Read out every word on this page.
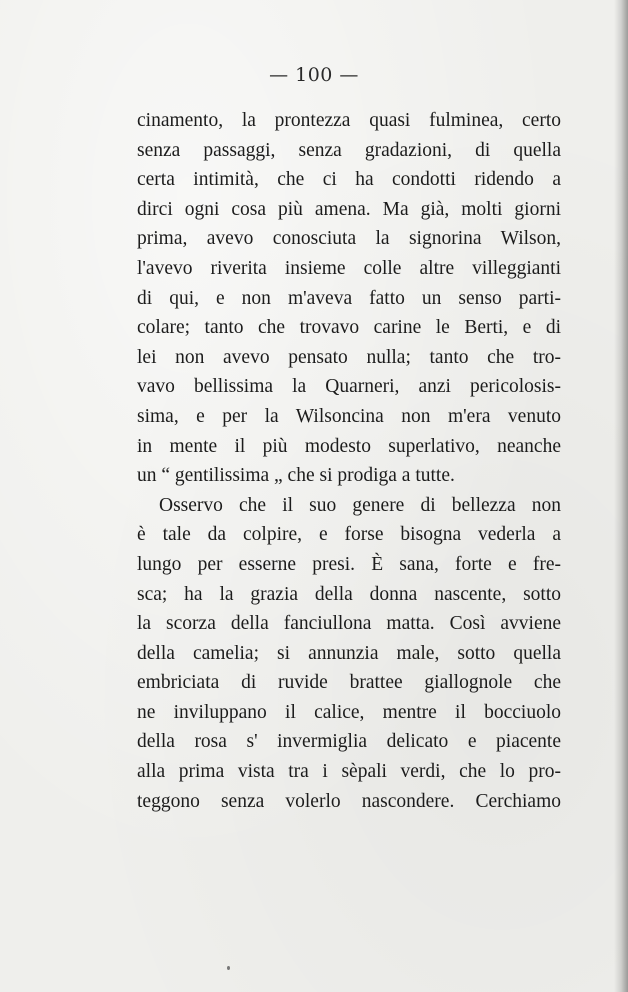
— 100 —
cinamento, la prontezza quasi fulminea, certo
senza passaggi, senza gradazioni, di quella
certa intimità, che ci ha condotti ridendo a
dirci ogni cosa più amena. Ma già, molti giorni
prima, avevo conosciuta la signorina Wilson,
l'avevo riverita insieme colle altre villeggianti
di qui, e non m'aveva fatto un senso parti-
colare; tanto che trovavo carine le Berti, e di
lei non avevo pensato nulla; tanto che tro-
vavo bellissima la Quarneri, anzi pericolosis-
sima, e per la Wilsoncina non m'era venuto
in mente il più modesto superlativo, neanche
un “ gentilissima „ che si prodiga a tutte.
Osservo che il suo genere di bellezza non
è tale da colpire, e forse bisogna vederla a
lungo per esserne presi. È sana, forte e fre-
sca; ha la grazia della donna nascente, sotto
la scorza della fanciullona matta. Così avviene
della camelia; si annunzia male, sotto quella
embriciata di ruvide brattee giallognole che
ne inviluppano il calice, mentre il bocciuolo
della rosa s' invermiglia delicato e piacente
alla prima vista tra i sèpali verdi, che lo pro-
teggono senza volerlo nascondere. Cerchiamo
